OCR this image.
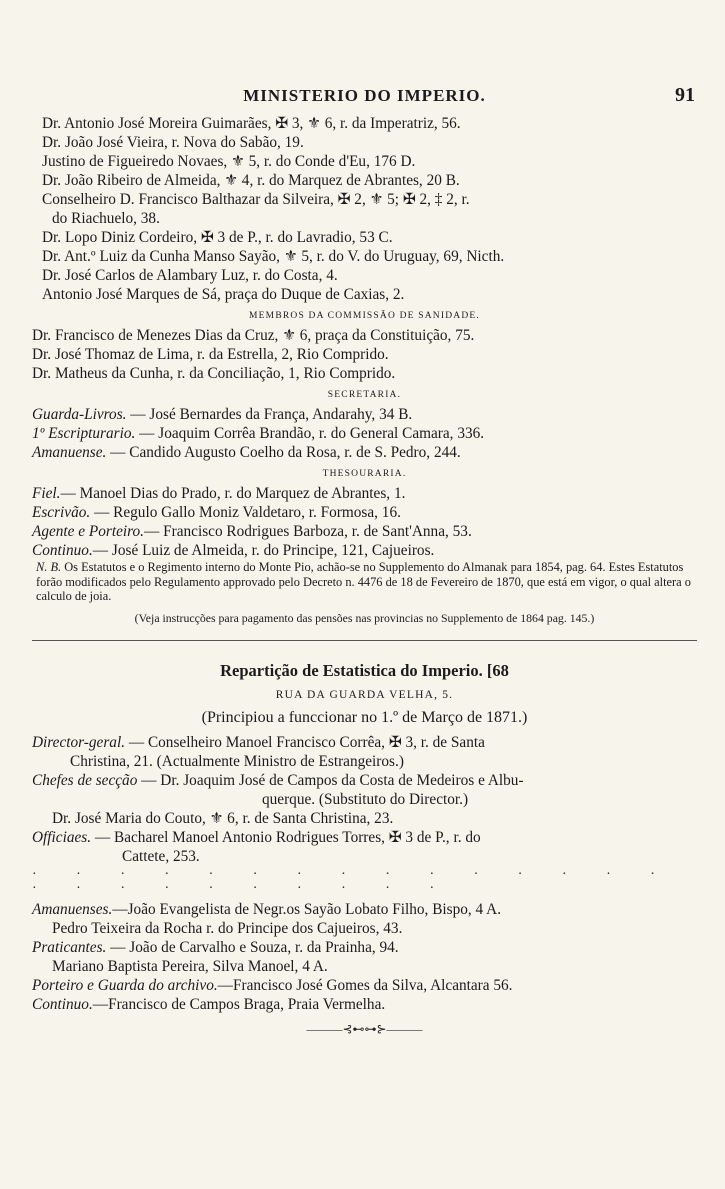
MINISTERIO DO IMPERIO.	91
Dr. Antonio José Moreira Guimarães, ✠ 3, ⚜ 6, r. da Imperatriz, 56.
Dr. João José Vieira, r. Nova do Sabão, 19.
Justino de Figueiredo Novaes, ⚜ 5, r. do Conde d'Eu, 176 D.
Dr. João Ribeiro de Almeida, ⚜ 4, r. do Marquez de Abrantes, 20 B.
Conselheiro D. Francisco Balthazar da Silveira, ✠ 2, ⚜ 5; ✠ 2, ‡ 2, r.
do Riachuelo, 38.
Dr. Lopo Diniz Cordeiro, ✠ 3 de P., r. do Lavradio, 53 C.
Dr. Ant.º Luiz da Cunha Manso Sayão, ⚜ 5, r. do V. do Uruguay, 69, Nicth.
Dr. José Carlos de Alambary Luz, r. do Costa, 4.
Antonio José Marques de Sá, praça do Duque de Caxias, 2.
MEMBROS DA COMMISSÃO DE SANIDADE.
Dr. Francisco de Menezes Dias da Cruz, ⚜ 6, praça da Constituição, 75.
Dr. José Thomaz de Lima, r. da Estrella, 2, Rio Comprido.
Dr. Matheus da Cunha, r. da Conciliação, 1, Rio Comprido.
SECRETARIA.
Guarda-Livros. — José Bernardes da França, Andarahy, 34 B.
1º Escripturario. — Joaquim Corrêa Brandão, r. do General Camara, 336.
Amanuense. — Candido Augusto Coelho da Rosa, r. de S. Pedro, 244.
THESOURARIA.
Fiel.— Manoel Dias do Prado, r. do Marquez de Abrantes, 1.
Escrivão. — Regulo Gallo Moniz Valdetaro, r. Formosa, 16.
Agente e Porteiro.— Francisco Rodrigues Barboza, r. de Sant'Anna, 53.
Continuo.— José Luiz de Almeida, r. do Principe, 121, Cajueiros.
N. B. Os Estatutos e o Regimento interno do Monte Pio, achão-se no Supplemento do Almanak para 1854, pag. 64. Estes Estatutos forão modificados pelo Regulamento approvado pelo Decreto n. 4476 de 18 de Fevereiro de 1870, que está em vigor, o qual altera o calculo de joia.
(Veja instrucções para pagamento das pensões nas provincias no Supplemento de 1864 pag. 145.)
Repartição de Estatistica do Imperio. [68
RUA DA GUARDA VELHA, 5.
(Principiou a funccionar no 1.º de Março de 1871.)
Director-geral. — Conselheiro Manoel Francisco Corrêa, ✠ 3, r. de Santa
Christina, 21. (Actualmente Ministro de Estrangeiros.)
Chefes de secção — Dr. Joaquim José de Campos da Costa de Medeiros e Albu-
querque. (Substituto do Director.)
Dr. José Maria do Couto, ⚜ 6, r. de Santa Christina, 23.
Officiaes. — Bacharel Manoel Antonio Rodrigues Torres, ✠ 3 de P., r. do
Cattete, 253.
· · · · · · · · · · · · · · · · · · · · · · · · ·
Amanuenses.—João Evangelista de Negr.os Sayão Lobato Filho, Bispo, 4 A.
Pedro Teixeira da Rocha r. do Principe dos Cajueiros, 43.
Praticantes. — João de Carvalho e Souza, r. da Prainha, 94.
Mariano Baptista Pereira, Silva Manoel, 4 A.
Porteiro e Guarda do archivo.—Francisco José Gomes da Silva, Alcantara 56.
Continuo.—Francisco de Campos Braga, Praia Vermelha.
———⊰⊷⊶⊱———
